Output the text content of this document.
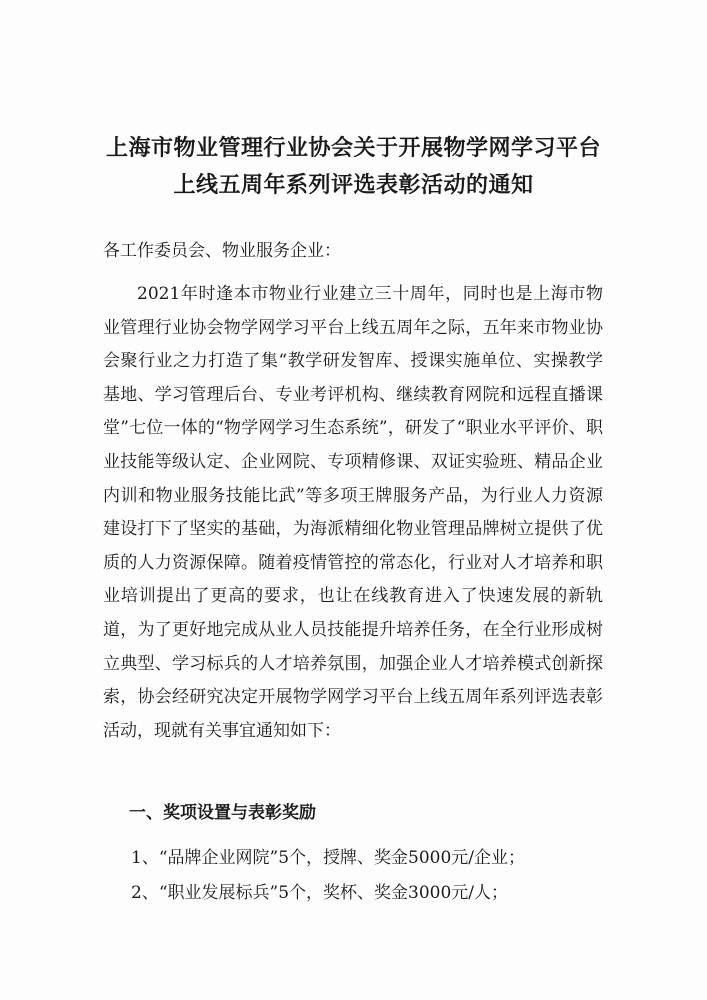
上海市物业管理行业协会关于开展物学网学习平台
上线五周年系列评选表彰活动的通知

各工作委员会、物业服务企业：

2021年时逢本市物业行业建立三十周年，同时也是上海市物业管理行业协会物学网学习平台上线五周年之际，五年来市物业协会聚行业之力打造了集“教学研发智库、授课实施单位、实操教学基地、学习管理后台、专业考评机构、继续教育网院和远程直播课堂”七位一体的“物学网学习生态系统”，研发了“职业水平评价、职业技能等级认定、企业网院、专项精修课、双证实验班、精品企业内训和物业服务技能比武”等多项王牌服务产品，为行业人力资源建设打下了坚实的基础，为海派精细化物业管理品牌树立提供了优质的人力资源保障。随着疫情管控的常态化，行业对人才培养和职业培训提出了更高的要求，也让在线教育进入了快速发展的新轨道，为了更好地完成从业人员技能提升培养任务，在全行业形成树立典型、学习标兵的人才培养氛围，加强企业人才培养模式创新探索，协会经研究决定开展物学网学习平台上线五周年系列评选表彰活动，现就有关事宜通知如下：

一、奖项设置与表彰奖励

1、“品牌企业网院”5个，授牌、奖金5000元/企业；

2、“职业发展标兵”5个，奖杯、奖金3000元/人；
